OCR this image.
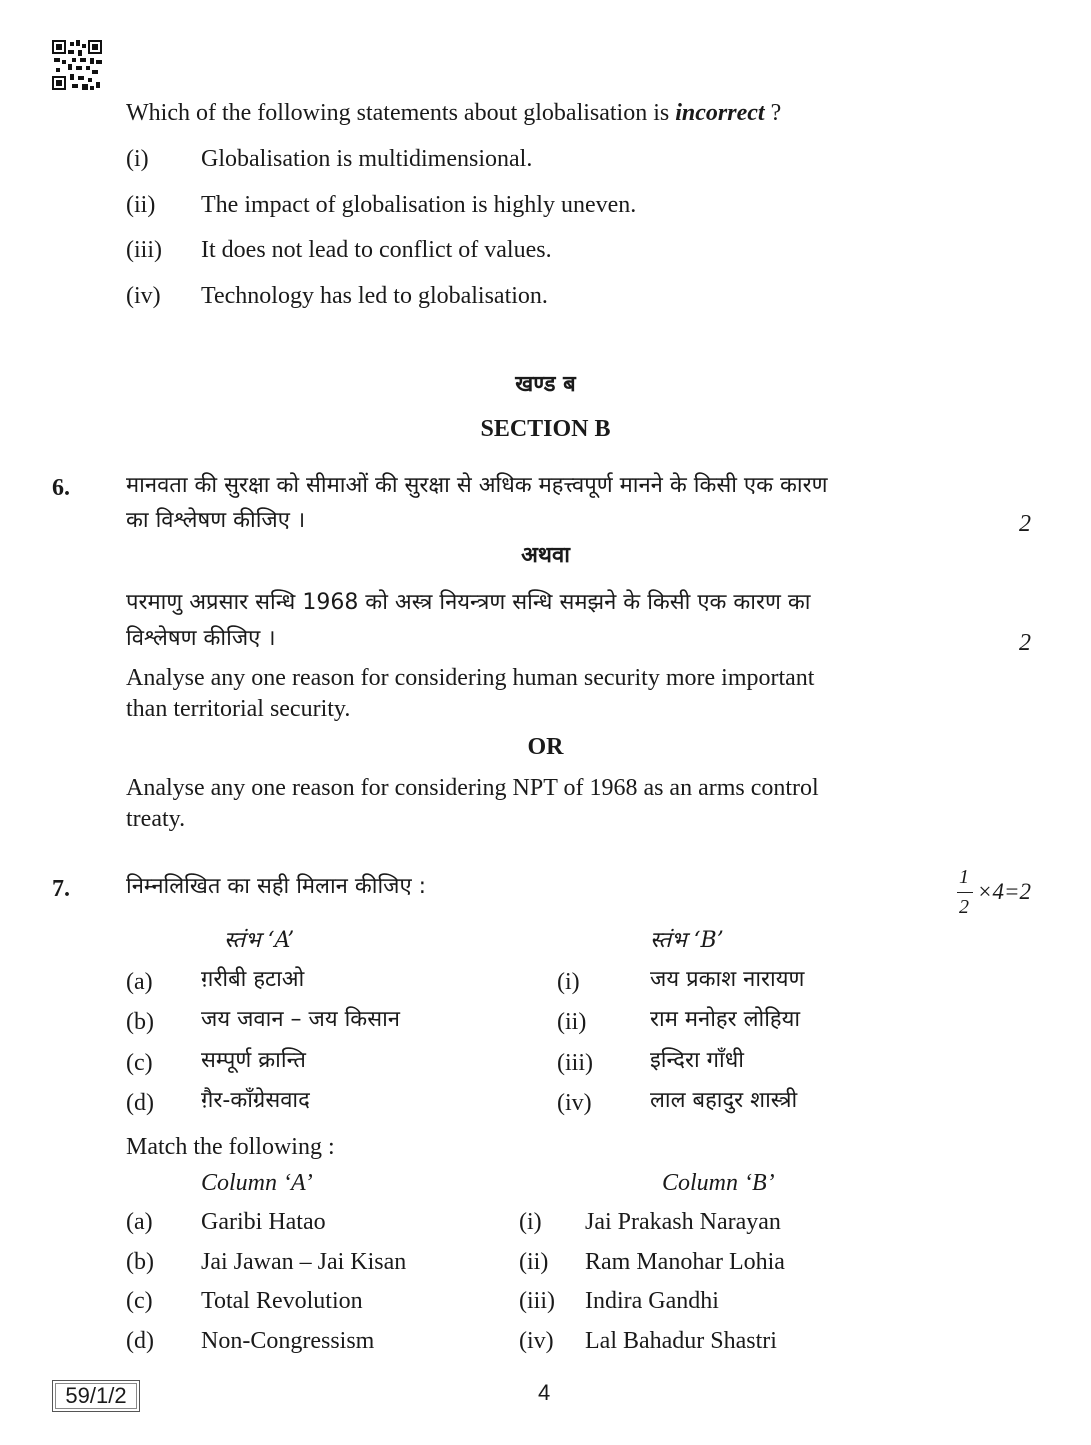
Which of the following statements about globalisation is incorrect ?
(i) Globalisation is multidimensional.
(ii) The impact of globalisation is highly uneven.
(iii) It does not lead to conflict of values.
(iv) Technology has led to globalisation.
खण्ड ब
SECTION B
6.	मानवता की सुरक्षा को सीमाओं की सुरक्षा से अधिक महत्त्वपूर्ण मानने के किसी एक कारण
का विश्लेषण कीजिए ।	2
अथवा
परमाणु अप्रसार सन्धि 1968 को अस्त्र नियन्त्रण सन्धि समझने के किसी एक कारण का
विश्लेषण कीजिए ।	2
Analyse any one reason for considering human security more important
than territorial security.
OR
Analyse any one reason for considering NPT of 1968 as an arms control
treaty.
7.	निम्नलिखित का सही मिलान कीजिए :	1
2
×4=2
स्तंभ ‘A’	स्तंभ ‘B’
(a) ग़रीबी हटाओ	(i)	जय प्रकाश नारायण
(b) जय जवान – जय किसान	(ii)	राम मनोहर लोहिया
(c) सम्पूर्ण क्रान्ति	(iii)	इन्दिरा गाँधी
(d) ग़ैर-काँग्रेसवाद	(iv)	लाल बहादुर शास्त्री
Match the following :
Column ‘A’	Column ‘B’
(a) Garibi Hatao	(i) Jai Prakash Narayan
(b) Jai Jawan – Jai Kisan	(ii) Ram Manohar Lohia
(c) Total Revolution	(iii) Indira Gandhi
(d) Non-Congressism	(iv) Lal Bahadur Shastri
59/1/2	4
